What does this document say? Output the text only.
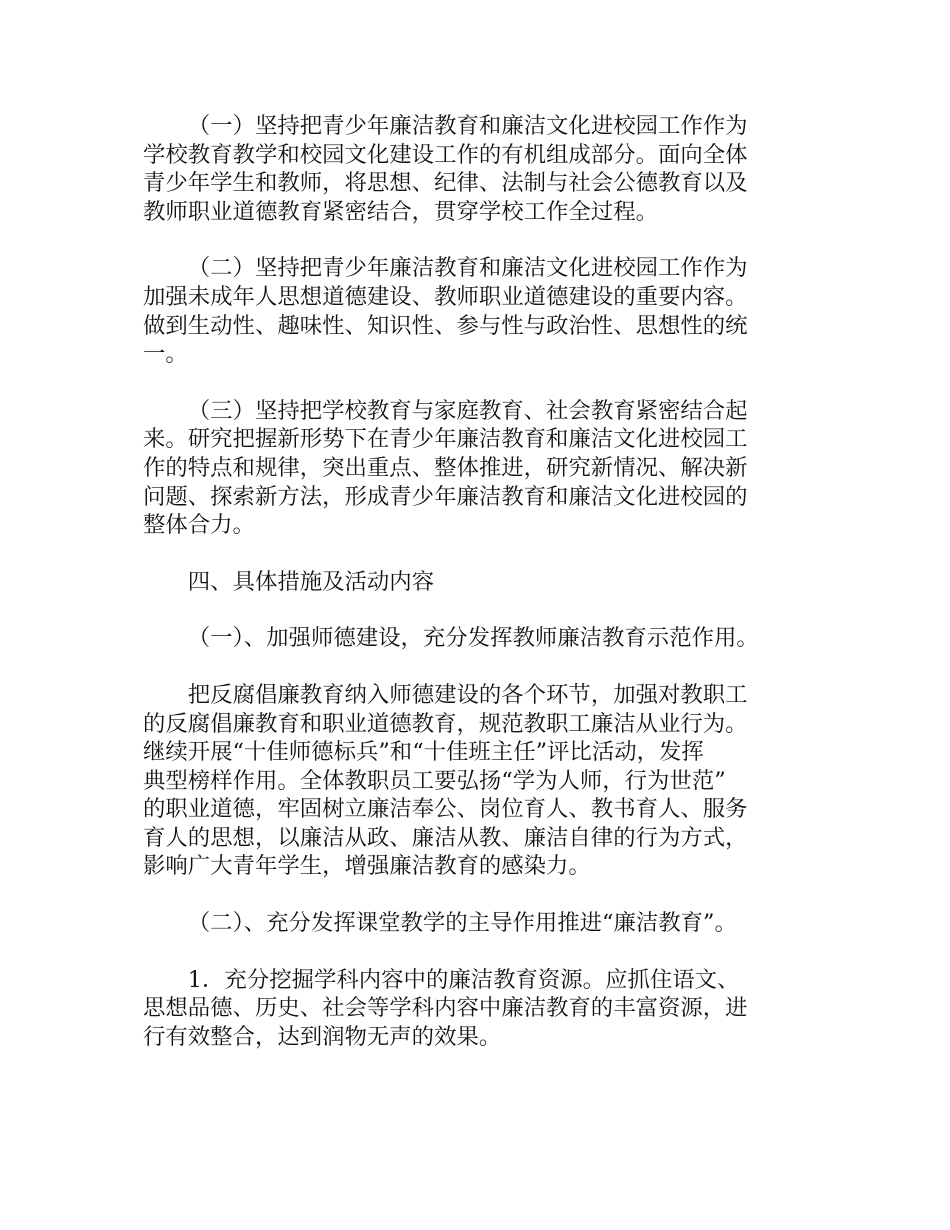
（一）坚持把青少年廉洁教育和廉洁文化进校园工作作为
学校教育教学和校园文化建设工作的有机组成部分。面向全体
青少年学生和教师，将思想、纪律、法制与社会公德教育以及
教师职业道德教育紧密结合，贯穿学校工作全过程。

（二）坚持把青少年廉洁教育和廉洁文化进校园工作作为
加强未成年人思想道德建设、教师职业道德建设的重要内容。
做到生动性、趣味性、知识性、参与性与政治性、思想性的统
一。

（三）坚持把学校教育与家庭教育、社会教育紧密结合起
来。研究把握新形势下在青少年廉洁教育和廉洁文化进校园工
作的特点和规律，突出重点、整体推进，研究新情况、解决新
问题、探索新方法，形成青少年廉洁教育和廉洁文化进校园的
整体合力。

四、具体措施及活动内容

（一）、加强师德建设，充分发挥教师廉洁教育示范作用。

把反腐倡廉教育纳入师德建设的各个环节，加强对教职工
的反腐倡廉教育和职业道德教育，规范教职工廉洁从业行为。
继续开展“十佳师德标兵”和“十佳班主任”评比活动，发挥
典型榜样作用。全体教职员工要弘扬“学为人师，行为世范”
的职业道德，牢固树立廉洁奉公、岗位育人、教书育人、服务
育人的思想，以廉洁从政、廉洁从教、廉洁自律的行为方式，
影响广大青年学生，增强廉洁教育的感染力。

（二）、充分发挥课堂教学的主导作用推进“廉洁教育”。

1．充分挖掘学科内容中的廉洁教育资源。应抓住语文、
思想品德、历史、社会等学科内容中廉洁教育的丰富资源，进
行有效整合，达到润物无声的效果。
